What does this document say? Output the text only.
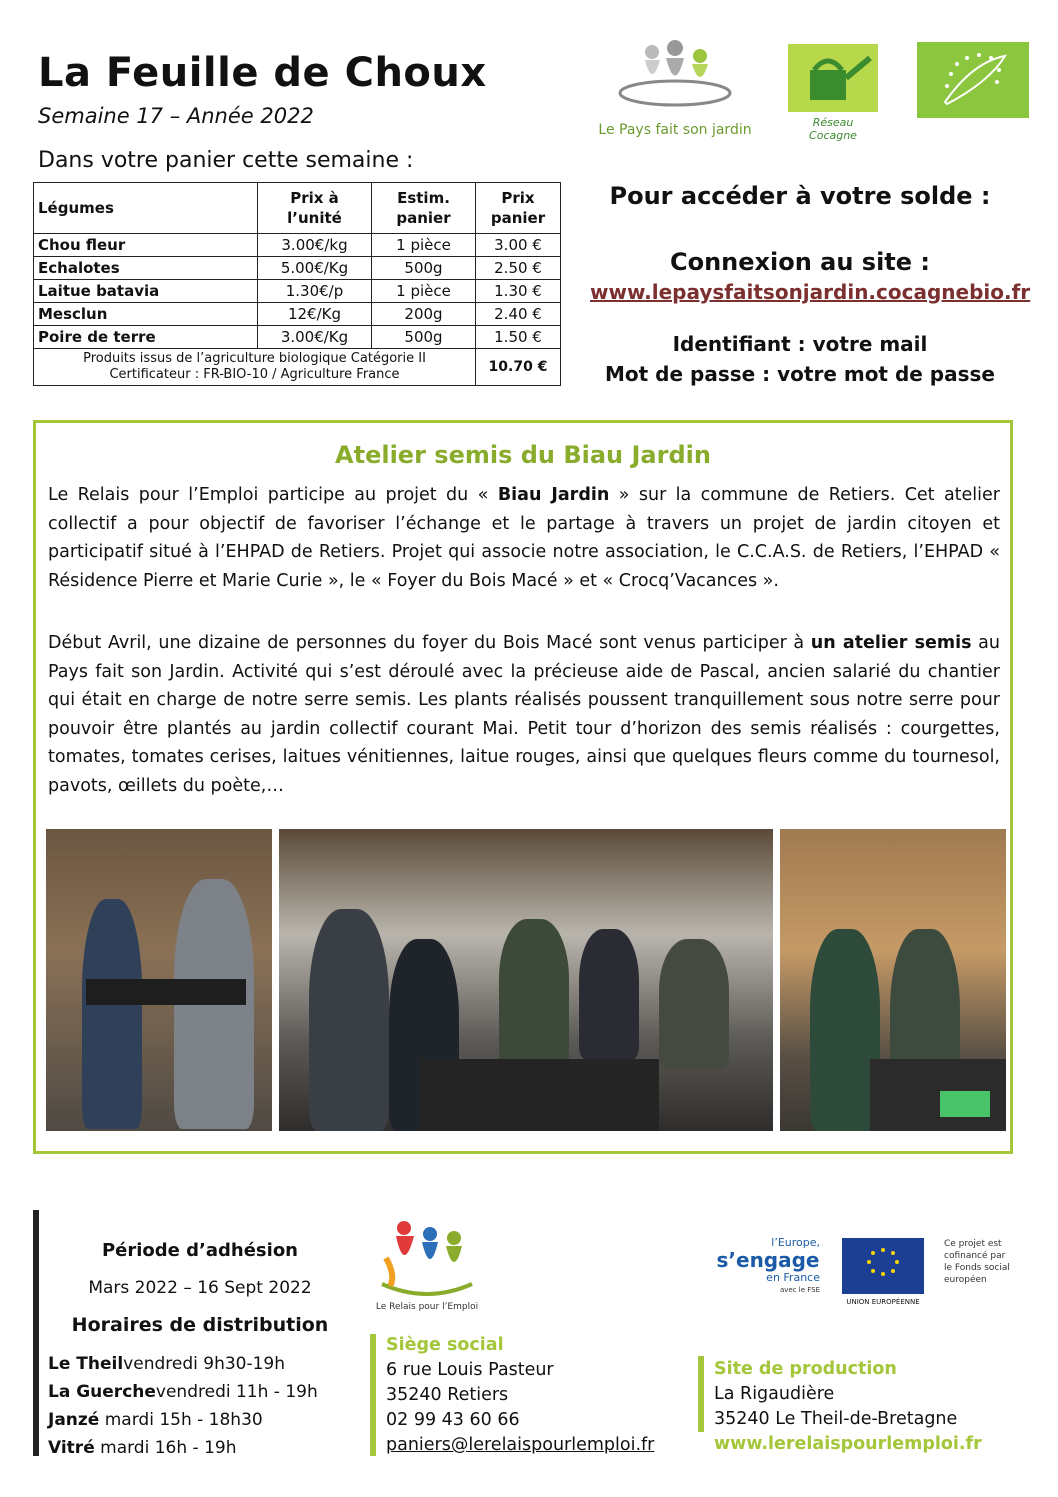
La Feuille de Choux
Semaine 17 – Année 2022
Le Pays fait son jardin	Réseau Cocagne
Dans votre panier cette semaine :
Légumes	Prix à l’unité	Estim. panier	Prix panier
Chou fleur	3.00€/kg	1 pièce	3.00 €
Echalotes	5.00€/Kg	500g	2.50 €
Laitue batavia	1.30€/p	1 pièce	1.30 €
Mesclun	12€/Kg	200g	2.40 €
Poire de terre	3.00€/Kg	500g	1.50 €

Produits issus de l’agriculture biologique Catégorie II
Certificateur : FR-BIO-10 / Agriculture France			10.70 €
Pour accéder à votre solde :
Connexion au site :
www.lepaysfaitsonjardin.cocagnebio.fr
Identifiant : votre mail
Mot de passe : votre mot de passe
Atelier semis du Biau Jardin

Le Relais pour l’Emploi participe au projet du « Biau Jardin » sur la commune de Retiers. Cet atelier collectif a pour objectif de favoriser l’échange et le partage à travers un projet de jardin citoyen et participatif situé à l’EHPAD de Retiers. Projet qui associe notre association, le C.C.A.S. de Retiers, l’EHPAD « Résidence Pierre et Marie Curie », le « Foyer du Bois Macé » et « Crocq’Vacances ».

Début Avril, une dizaine de personnes du foyer du Bois Macé sont venus participer à un atelier semis au Pays fait son Jardin. Activité qui s’est déroulé avec la précieuse aide de Pascal, ancien salarié du chantier qui était en charge de notre serre semis. Les plants réalisés poussent tranquillement sous notre serre pour pouvoir être plantés au jardin collectif courant Mai. Petit tour d’horizon des semis réalisés : courgettes, tomates, tomates cerises, laitues vénitiennes, laitue rouges, ainsi que quelques fleurs comme du tournesol, pavots, œillets du poète,…

Période d’adhésion
Mars 2022 – 16 Sept 2022
Horaires de distribution
Le Theilvendredi 9h30-19h
La Guerchevendredi 11h - 19h
Janzé mardi 15h - 18h30
Vitré mardi 16h - 19h
Le Relais pour l’Emploi
Siège social
6 rue Louis Pasteur
35240 Retiers
02 99 43 60 66
paniers@lerelaispourlemploi.fr
Site de production
La Rigaudière
35240 Le Theil-de-Bretagne
www.lerelaispourlemploi.fr
l’Europe,
s’engage
en France
avec le FSE
UNION EUROPÉENNE
Ce projet est cofinancé par le Fonds social européen
